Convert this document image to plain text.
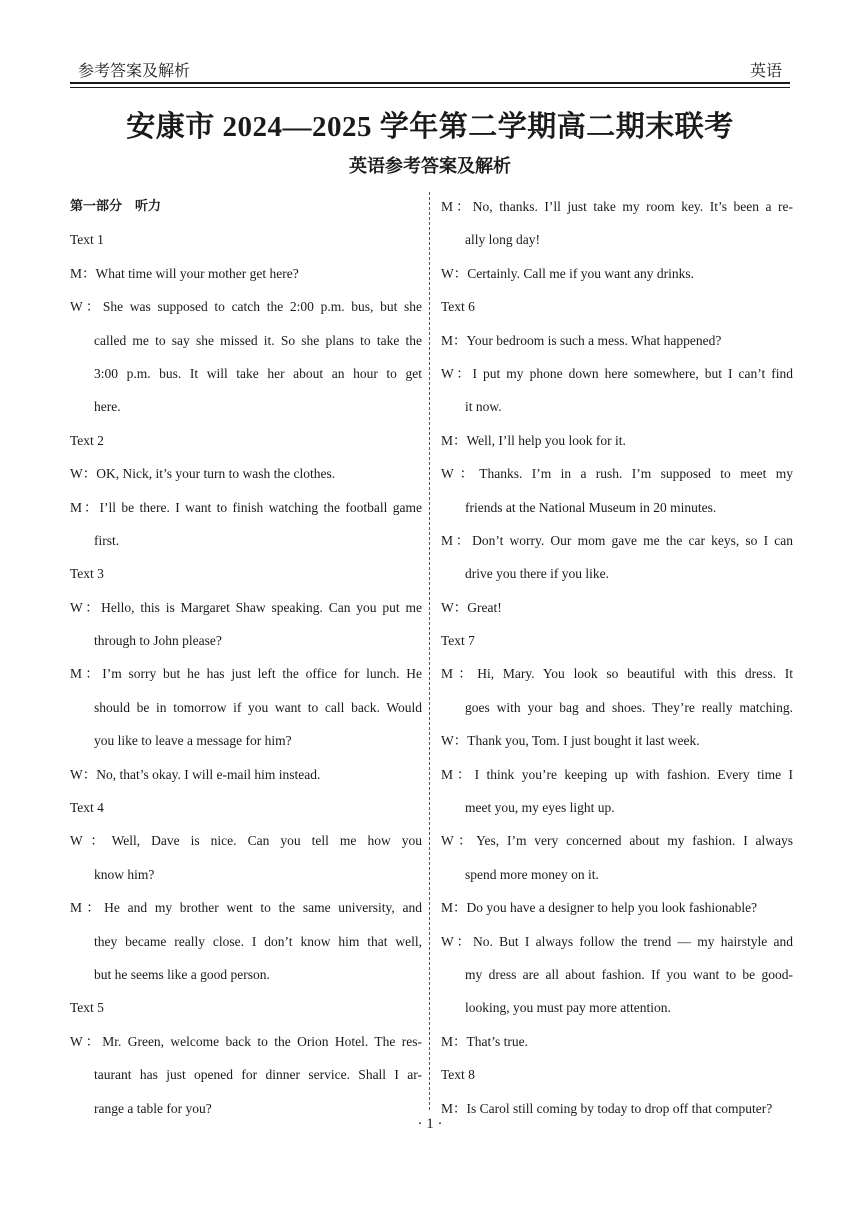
参考答案及解析	英语
安康市 2024—2025 学年第二学期高二期末联考
英语参考答案及解析
第一部分　听力
Text 1
M：What time will your mother get here?
W：She was supposed to catch the 2:00 p.m. bus, but she
called me to say she missed it. So she plans to take the
3:00 p.m. bus. It will take her about an hour to get
here.
Text 2
W：OK, Nick, it’s your turn to wash the clothes.
M：I’ll be there. I want to finish watching the football game
first.
Text 3
W：Hello, this is Margaret Shaw speaking. Can you put me
through to John please?
M：I’m sorry but he has just left the office for lunch. He
should be in tomorrow if you want to call back. Would
you like to leave a message for him?
W：No, that’s okay. I will e-mail him instead.
Text 4
W：Well, Dave is nice. Can you tell me how you
know him?
M：He and my brother went to the same university, and
they became really close. I don’t know him that well,
but he seems like a good person.
Text 5
W：Mr. Green, welcome back to the Orion Hotel. The res-
taurant has just opened for dinner service. Shall I ar-
range a table for you?
M：No, thanks. I’ll just take my room key. It’s been a re-
ally long day!
W：Certainly. Call me if you want any drinks.
Text 6
M：Your bedroom is such a mess. What happened?
W：I put my phone down here somewhere, but I can’t find
it now.
M：Well, I’ll help you look for it.
W：Thanks. I’m in a rush. I’m supposed to meet my
friends at the National Museum in 20 minutes.
M：Don’t worry. Our mom gave me the car keys, so I can
drive you there if you like.
W：Great!
Text 7
M：Hi, Mary. You look so beautiful with this dress. It
goes with your bag and shoes. They’re really matching.
W：Thank you, Tom. I just bought it last week.
M：I think you’re keeping up with fashion. Every time I
meet you, my eyes light up.
W：Yes, I’m very concerned about my fashion. I always
spend more money on it.
M：Do you have a designer to help you look fashionable?
W：No. But I always follow the trend — my hairstyle and
my dress are all about fashion. If you want to be good-
looking, you must pay more attention.
M：That’s true.
Text 8
M：Is Carol still coming by today to drop off that computer?
· 1 ·
